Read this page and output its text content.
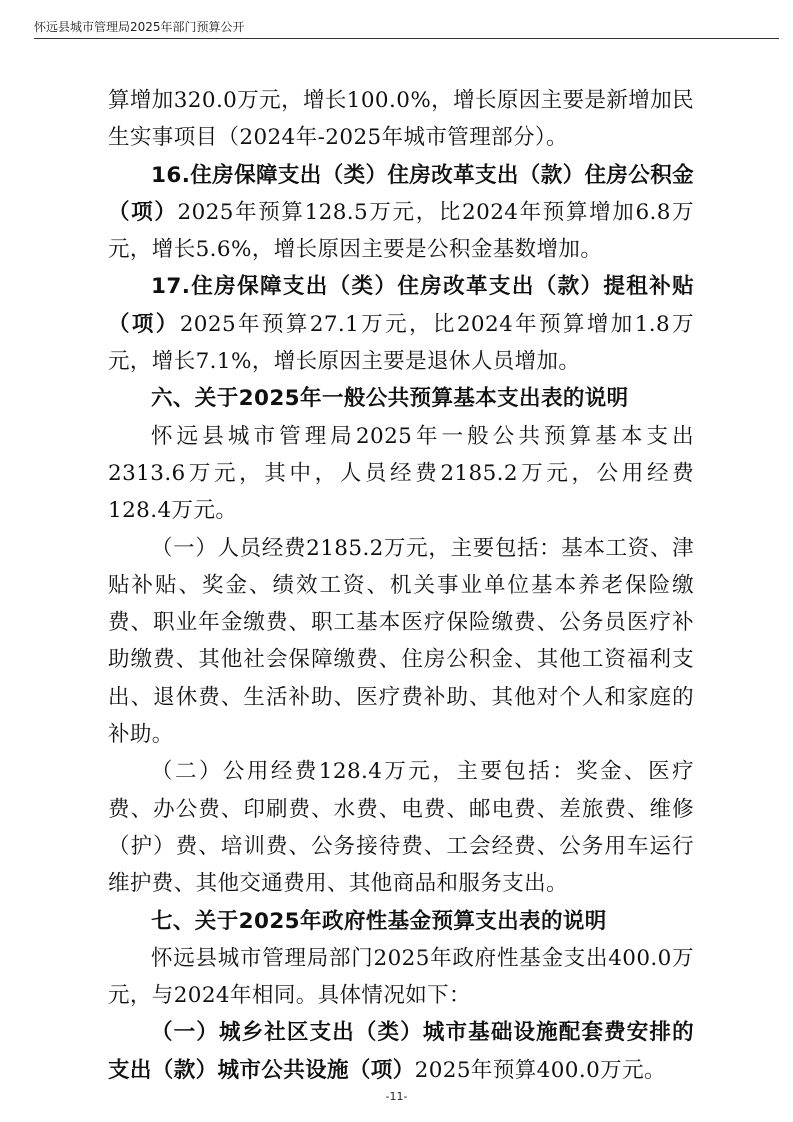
怀远县城市管理局2025年部门预算公开

算增加320.0万元，增长100.0%，增长原因主要是新增加民生实事项目（2024年-2025年城市管理部分）。

16.住房保障支出（类）住房改革支出（款）住房公积金（项）2025年预算128.5万元，比2024年预算增加6.8万元，增长5.6%，增长原因主要是公积金基数增加。

17.住房保障支出（类）住房改革支出（款）提租补贴（项）2025年预算27.1万元，比2024年预算增加1.8万元，增长7.1%，增长原因主要是退休人员增加。

六、关于2025年一般公共预算基本支出表的说明

怀远县城市管理局2025年一般公共预算基本支出2313.6万元，其中，人员经费2185.2万元，公用经费128.4万元。

（一）人员经费2185.2万元，主要包括：基本工资、津贴补贴、奖金、绩效工资、机关事业单位基本养老保险缴费、职业年金缴费、职工基本医疗保险缴费、公务员医疗补助缴费、其他社会保障缴费、住房公积金、其他工资福利支出、退休费、生活补助、医疗费补助、其他对个人和家庭的补助。

（二）公用经费128.4万元，主要包括：奖金、医疗费、办公费、印刷费、水费、电费、邮电费、差旅费、维修（护）费、培训费、公务接待费、工会经费、公务用车运行维护费、其他交通费用、其他商品和服务支出。

七、关于2025年政府性基金预算支出表的说明

怀远县城市管理局部门2025年政府性基金支出400.0万元，与2024年相同。具体情况如下：

（一）城乡社区支出（类）城市基础设施配套费安排的支出（款）城市公共设施（项）2025年预算400.0万元。

-11-
